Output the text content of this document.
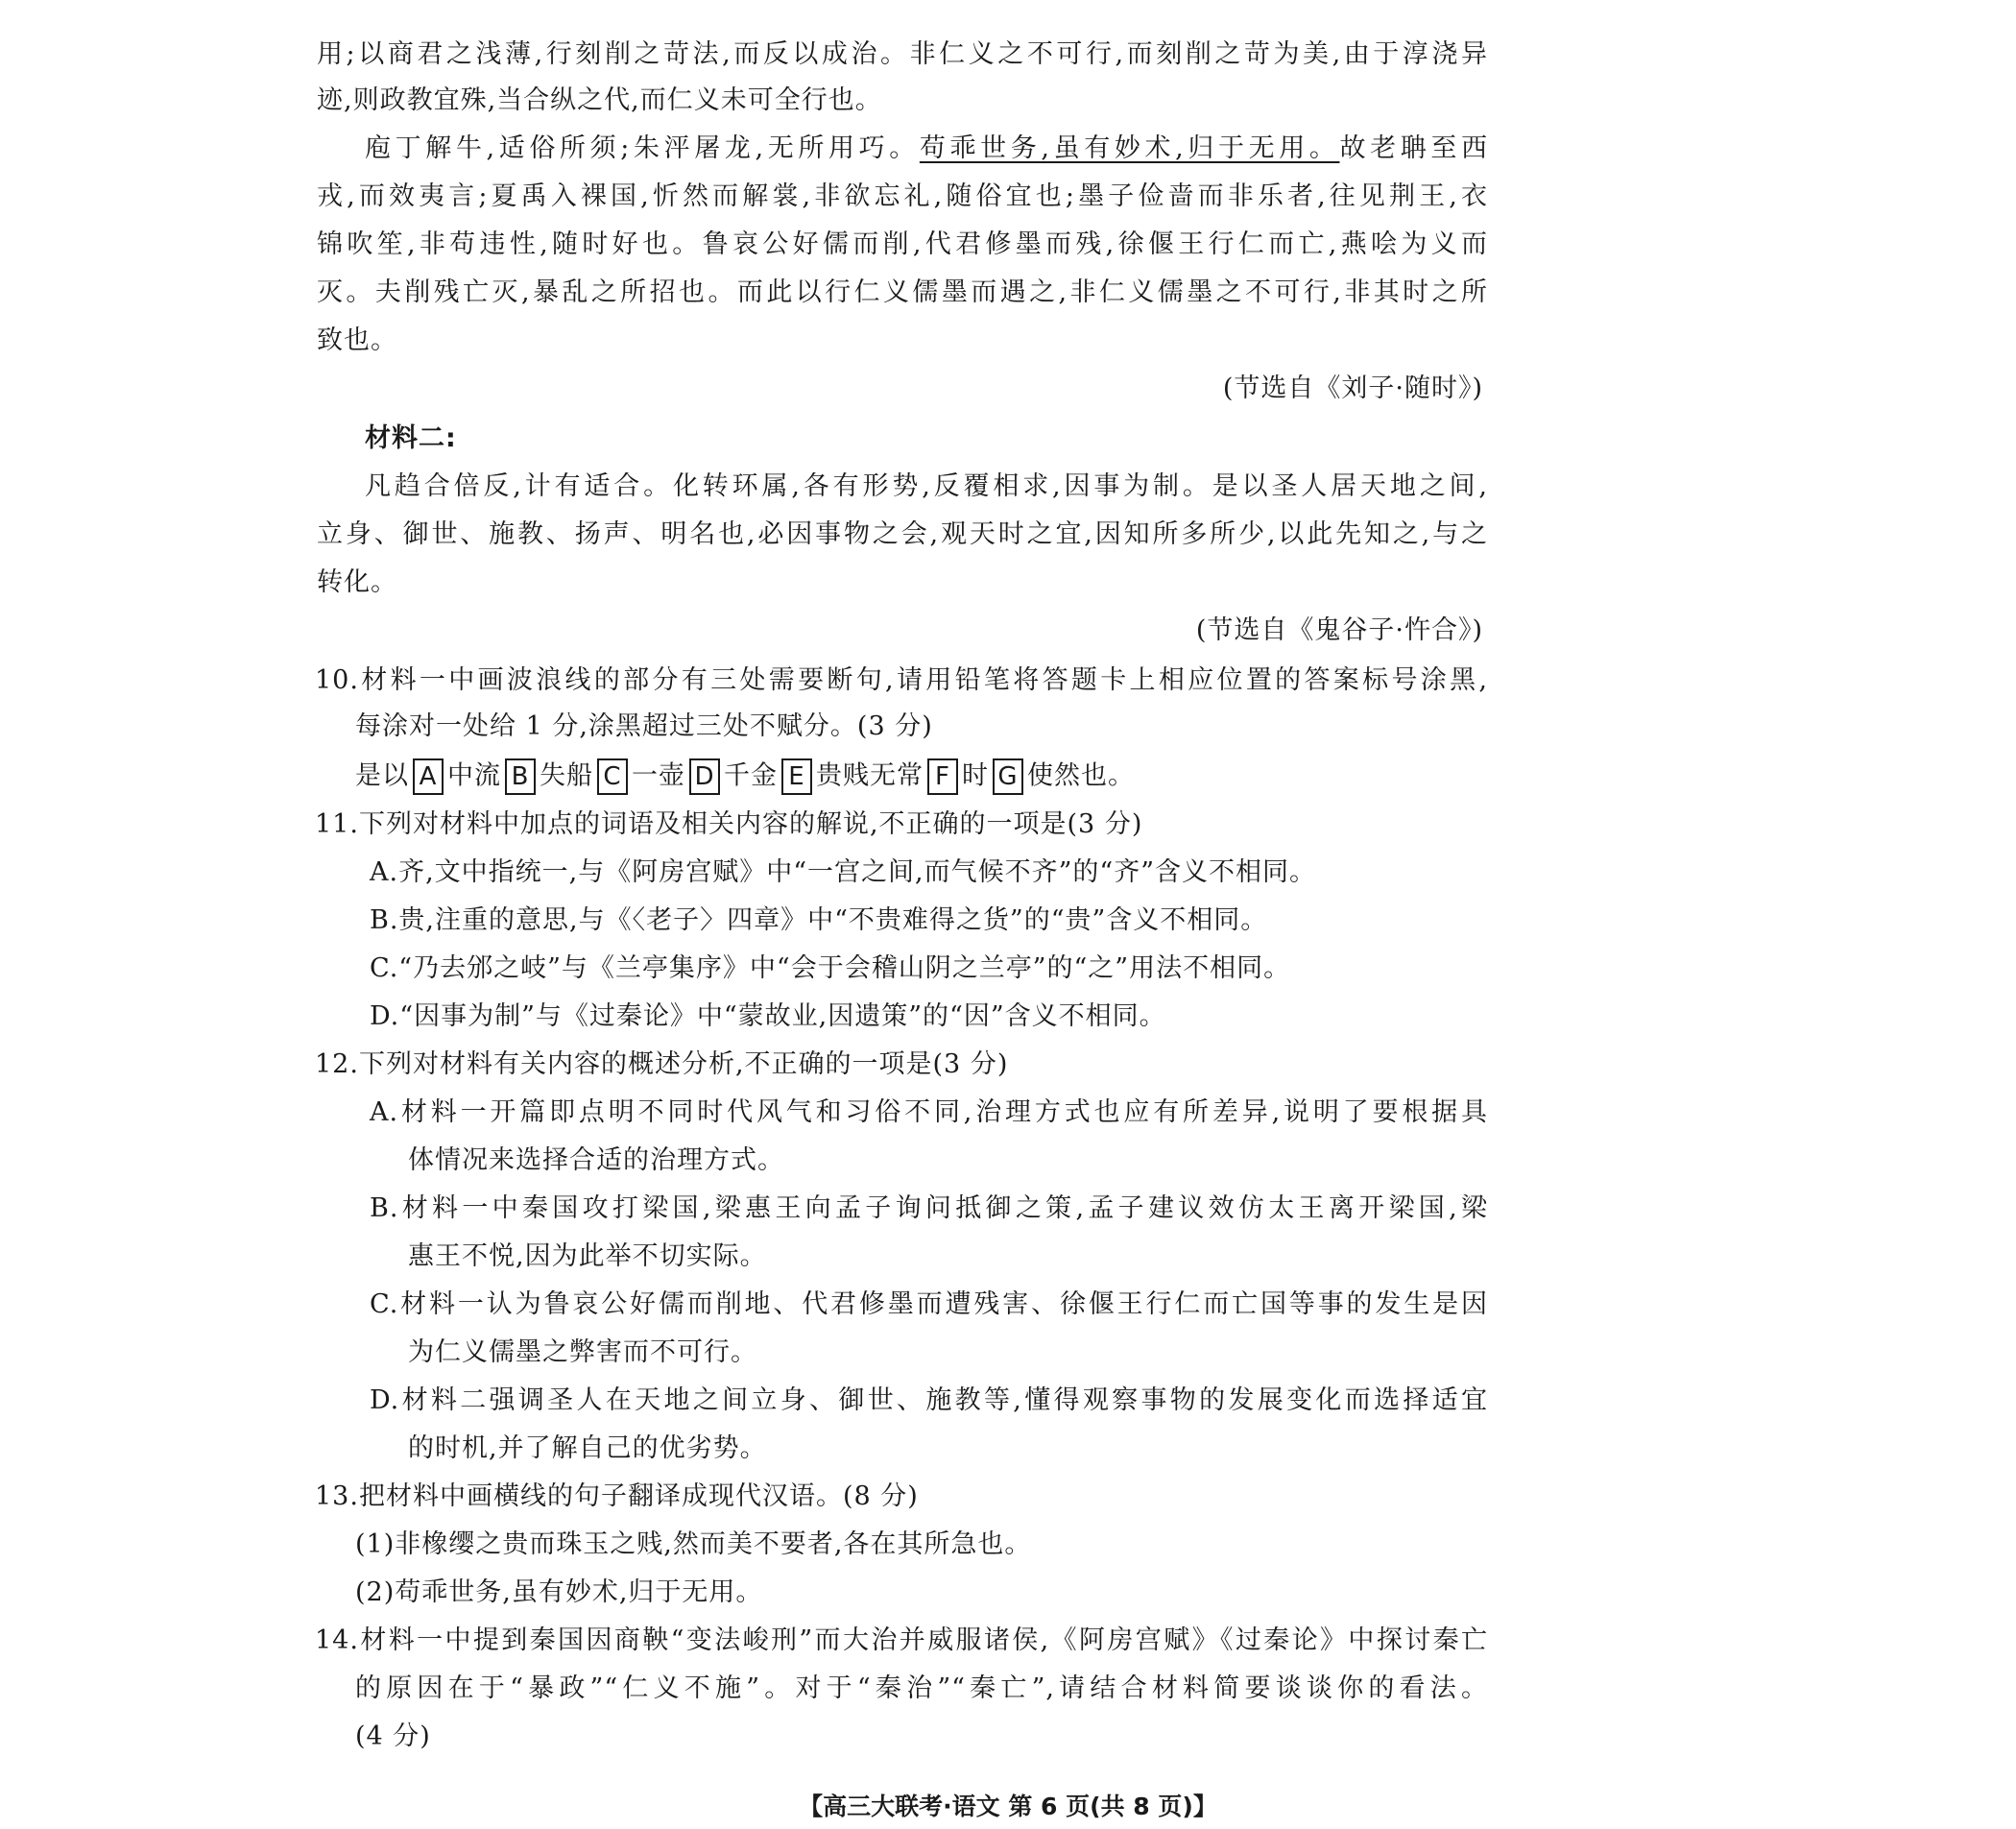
用;以商君之浅薄,行刻削之苛法,而反以成治。非仁义之不可行,而刻削之苛为美,由于淳浇异
迹,则政教宜殊,当合纵之代,而仁义未可全行也。
庖丁解牛,适俗所须;朱泙屠龙,无所用巧。苟乖世务,虽有妙术,归于无用。故老聃至西
戎,而效夷言;夏禹入裸国,忻然而解裳,非欲忘礼,随俗宜也;墨子俭啬而非乐者,往见荆王,衣
锦吹笙,非苟违性,随时好也。鲁哀公好儒而削,代君修墨而残,徐偃王行仁而亡,燕哙为义而
灭。夫削残亡灭,暴乱之所招也。而此以行仁义儒墨而遇之,非仁义儒墨之不可行,非其时之所
致也。
(节选自《刘子·随时》)
材料二:
凡趋合倍反,计有适合。化转环属,各有形势,反覆相求,因事为制。是以圣人居天地之间,
立身、御世、施教、扬声、明名也,必因事物之会,观天时之宜,因知所多所少,以此先知之,与之
转化。
(节选自《鬼谷子·忤合》)
10.材料一中画波浪线的部分有三处需要断句,请用铅笔将答题卡上相应位置的答案标号涂黑,
每涂对一处给 1 分,涂黑超过三处不赋分。(3 分)
是以 A 中流 B 失船 C 一壶 D 千金 E 贵贱无常 F 时 G 使然也。
11.下列对材料中加点的词语及相关内容的解说,不正确的一项是(3 分)
A.齐,文中指统一,与《阿房宫赋》中“一宫之间,而气候不齐”的“齐”含义不相同。
B.贵,注重的意思,与《〈老子〉四章》中“不贵难得之货”的“贵”含义不相同。
C.“乃去邠之岐”与《兰亭集序》中“会于会稽山阴之兰亭”的“之”用法不相同。
D.“因事为制”与《过秦论》中“蒙故业,因遗策”的“因”含义不相同。
12.下列对材料有关内容的概述分析,不正确的一项是(3 分)
A.材料一开篇即点明不同时代风气和习俗不同,治理方式也应有所差异,说明了要根据具
体情况来选择合适的治理方式。
B.材料一中秦国攻打梁国,梁惠王向孟子询问抵御之策,孟子建议效仿太王离开梁国,梁
惠王不悦,因为此举不切实际。
C.材料一认为鲁哀公好儒而削地、代君修墨而遭残害、徐偃王行仁而亡国等事的发生是因
为仁义儒墨之弊害而不可行。
D.材料二强调圣人在天地之间立身、御世、施教等,懂得观察事物的发展变化而选择适宜
的时机,并了解自己的优劣势。
13.把材料中画横线的句子翻译成现代汉语。(8 分)
(1)非橡缨之贵而珠玉之贱,然而美不要者,各在其所急也。
(2)苟乖世务,虽有妙术,归于无用。
14.材料一中提到秦国因商鞅“变法峻刑”而大治并威服诸侯,《阿房宫赋》《过秦论》中探讨秦亡
的原因在于“暴政”“仁义不施”。对于“秦治”“秦亡”,请结合材料简要谈谈你的看法。
(4 分)
【高三大联考·语文 第 6 页(共 8 页)】
